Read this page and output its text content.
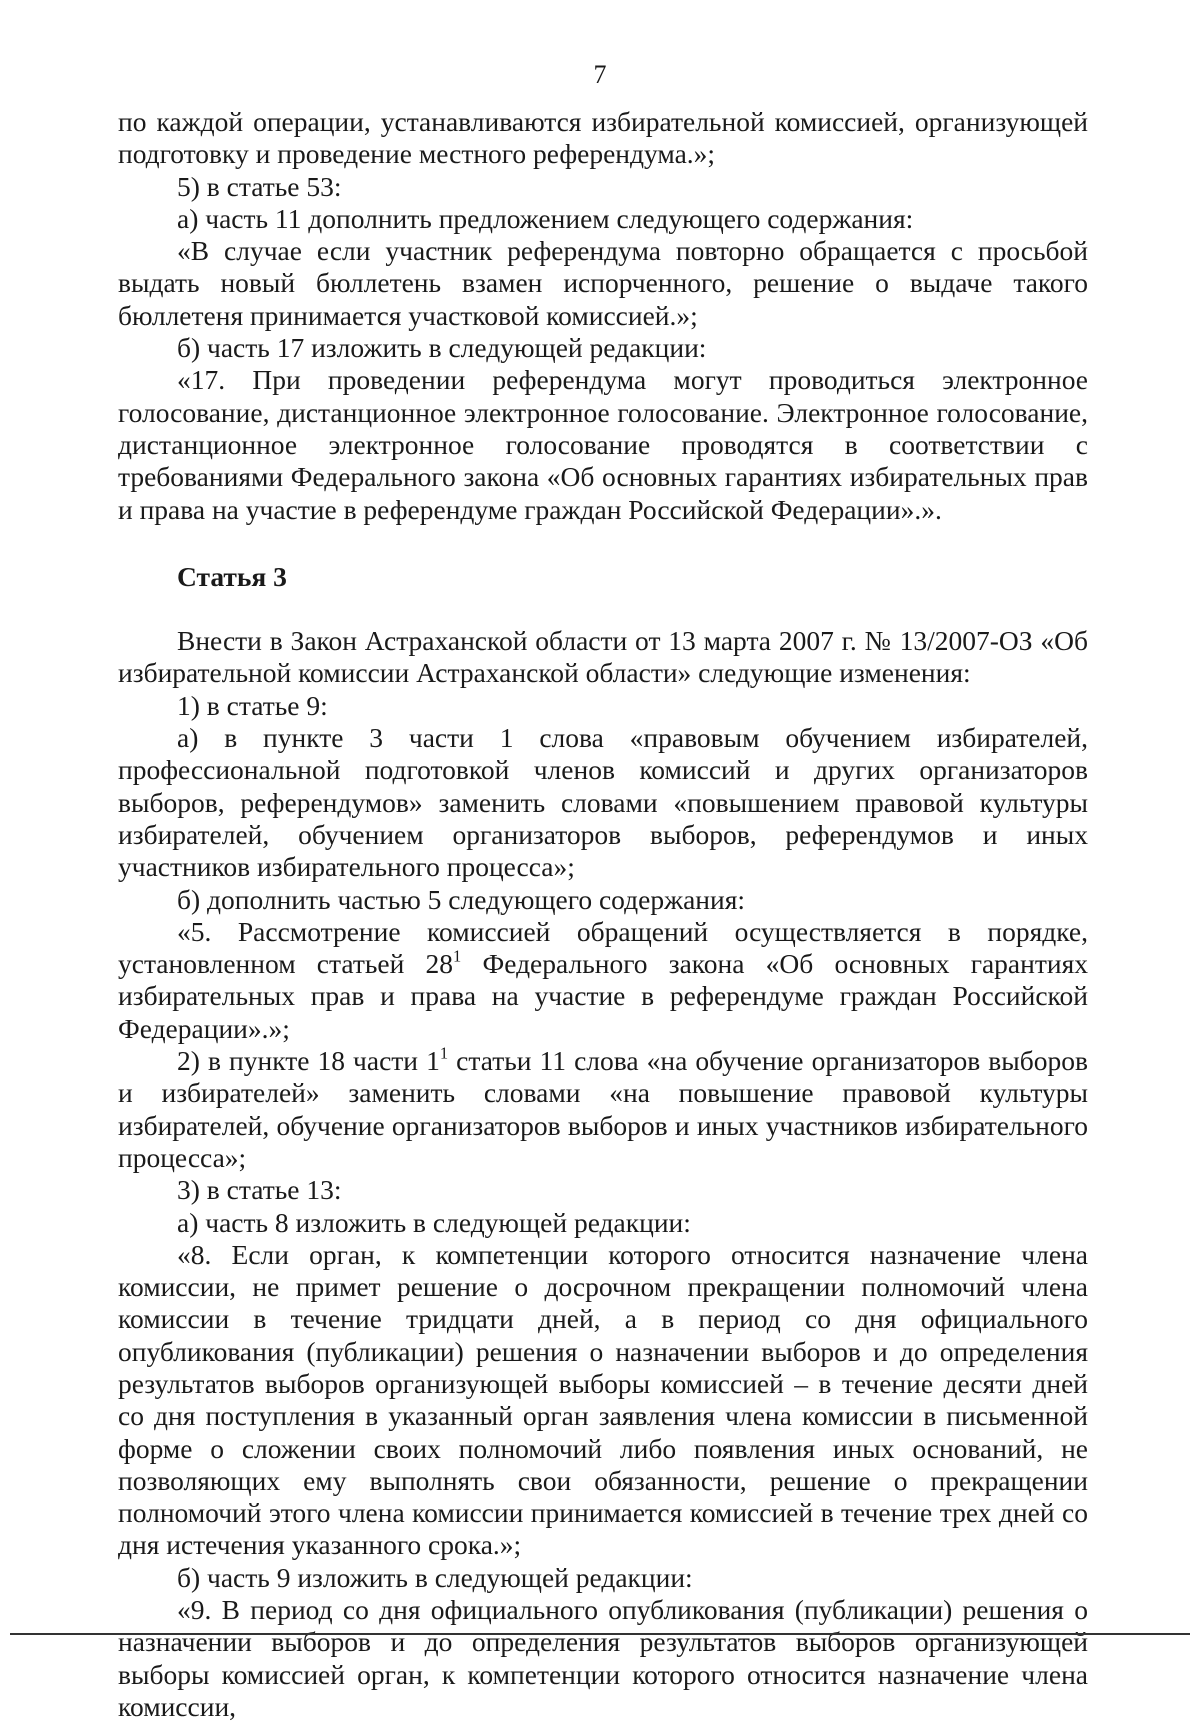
7

по каждой операции, устанавливаются избирательной комиссией, организующей подготовку и проведение местного референдума.»;

5) в статье 53:

а) часть 11 дополнить предложением следующего содержания:

«В случае если участник референдума повторно обращается с просьбой выдать новый бюллетень взамен испорченного, решение о выдаче такого бюллетеня принимается участковой комиссией.»;

б) часть 17 изложить в следующей редакции:

«17. При проведении референдума могут проводиться электронное голосование, дистанционное электронное голосование. Электронное голосование, дистанционное электронное голосование проводятся в соответствии с требованиями Федерального закона «Об основных гарантиях избирательных прав и права на участие в референдуме граждан Российской Федерации».».

Статья 3

Внести в Закон Астраханской области от 13 марта 2007 г. № 13/2007-ОЗ «Об избирательной комиссии Астраханской области» следующие изменения:

1) в статье 9:

а) в пункте 3 части 1 слова «правовым обучением избирателей, профессиональной подготовкой членов комиссий и других организаторов выборов, референдумов» заменить словами «повышением правовой культуры избирателей, обучением организаторов выборов, референдумов и иных участников избирательного процесса»;

б) дополнить частью 5 следующего содержания:

«5. Рассмотрение комиссией обращений осуществляется в порядке, установленном статьей $28^1$ Федерального закона «Об основных гарантиях избирательных прав и права на участие в референдуме граждан Российской Федерации».»;

2) в пункте 18 части $1^1$ статьи 11 слова «на обучение организаторов выборов и избирателей» заменить словами «на повышение правовой культуры избирателей, обучение организаторов выборов и иных участников избирательного процесса»;

3) в статье 13:

а) часть 8 изложить в следующей редакции:

«8. Если орган, к компетенции которого относится назначение члена комиссии, не примет решение о досрочном прекращении полномочий члена комиссии в течение тридцати дней, а в период со дня официального опубликования (публикации) решения о назначении выборов и до определения результатов выборов организующей выборы комиссией – в течение десяти дней со дня поступления в указанный орган заявления члена комиссии в письменной форме о сложении своих полномочий либо появления иных оснований, не позволяющих ему выполнять свои обязанности, решение о прекращении полномочий этого члена комиссии принимается комиссией в течение трех дней со дня истечения указанного срока.»;

б) часть 9 изложить в следующей редакции:

«9. В период со дня официального опубликования (публикации) решения о назначении выборов и до определения результатов выборов организующей выборы комиссией орган, к компетенции которого относится назначение члена комиссии,
